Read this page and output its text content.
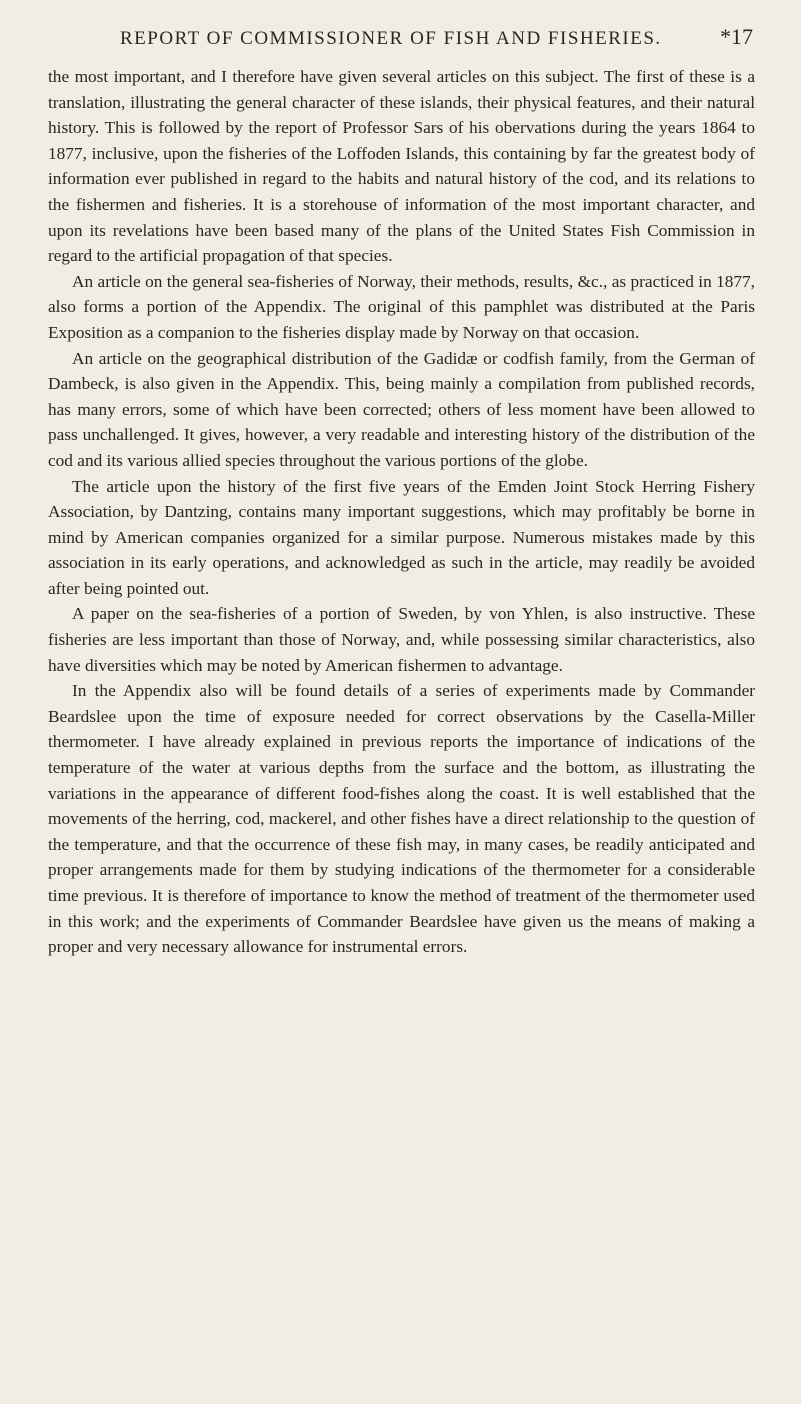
REPORT OF COMMISSIONER OF FISH AND FISHERIES.	*17

the most important, and I therefore have given several articles on this subject. The first of these is a translation, illustrating the general character of these islands, their physical features, and their natural history. This is followed by the report of Professor Sars of his obervations during the years 1864 to 1877, inclusive, upon the fisheries of the Loffoden Islands, this containing by far the greatest body of information ever published in regard to the habits and natural history of the cod, and its relations to the fishermen and fisheries. It is a storehouse of information of the most important character, and upon its revelations have been based many of the plans of the United States Fish Commission in regard to the artificial propagation of that species.

An article on the general sea-fisheries of Norway, their methods, results, &c., as practiced in 1877, also forms a portion of the Appendix. The original of this pamphlet was distributed at the Paris Exposition as a companion to the fisheries display made by Norway on that occasion.

An article on the geographical distribution of the Gadidæ or codfish family, from the German of Dambeck, is also given in the Appendix. This, being mainly a compilation from published records, has many errors, some of which have been corrected; others of less moment have been allowed to pass unchallenged. It gives, however, a very readable and interesting history of the distribution of the cod and its various allied species throughout the various portions of the globe.

The article upon the history of the first five years of the Emden Joint Stock Herring Fishery Association, by Dantzing, contains many important suggestions, which may profitably be borne in mind by American companies organized for a similar purpose. Numerous mistakes made by this association in its early operations, and acknowledged as such in the article, may readily be avoided after being pointed out.

A paper on the sea-fisheries of a portion of Sweden, by von Yhlen, is also instructive. These fisheries are less important than those of Norway, and, while possessing similar characteristics, also have diversities which may be noted by American fishermen to advantage.

In the Appendix also will be found details of a series of experiments made by Commander Beardslee upon the time of exposure needed for correct observations by the Casella-Miller thermometer. I have already explained in previous reports the importance of indications of the temperature of the water at various depths from the surface and the bottom, as illustrating the variations in the appearance of different food-fishes along the coast. It is well established that the movements of the herring, cod, mackerel, and other fishes have a direct relationship to the question of the temperature, and that the occurrence of these fish may, in many cases, be readily anticipated and proper arrangements made for them by studying indications of the thermometer for a considerable time previous. It is therefore of importance to know the method of treatment of the thermometer used in this work; and the experiments of Commander Beardslee have given us the means of making a proper and very necessary allowance for instrumental errors.
